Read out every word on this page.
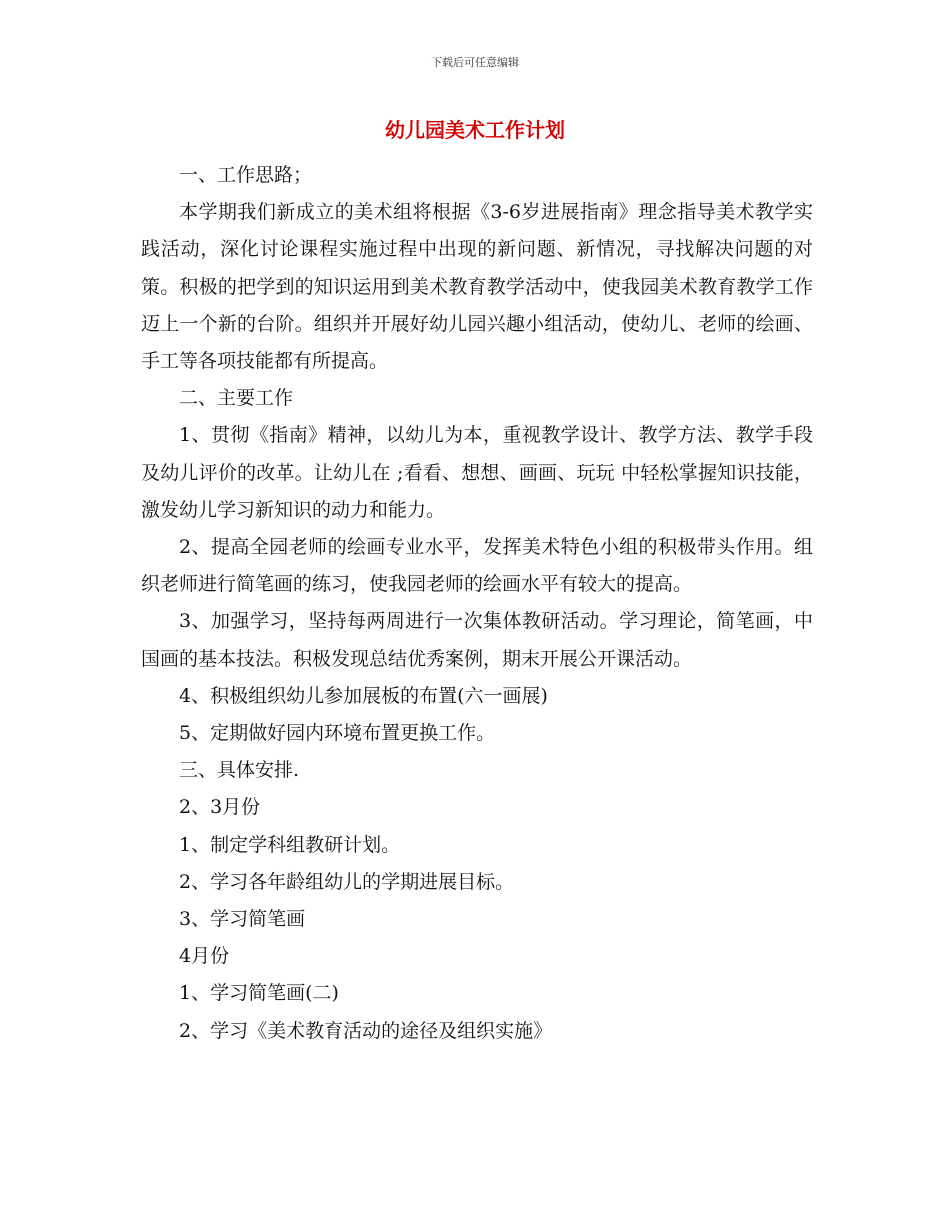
下载后可任意编辑
幼儿园美术工作计划

一、工作思路；

本学期我们新成立的美术组将根据《3-6岁进展指南》理念指导美术教学实践活动，深化讨论课程实施过程中出现的新问题、新情况，寻找解决问题的对策。积极的把学到的知识运用到美术教育教学活动中，使我园美术教育教学工作迈上一个新的台阶。组织并开展好幼儿园兴趣小组活动，使幼儿、老师的绘画、手工等各项技能都有所提高。

二、主要工作

1、贯彻《指南》精神，以幼儿为本，重视教学设计、教学方法、教学手段及幼儿评价的改革。让幼儿在 ;看看、想想、画画、玩玩 中轻松掌握知识技能，激发幼儿学习新知识的动力和能力。

2、提高全园老师的绘画专业水平，发挥美术特色小组的积极带头作用。组织老师进行简笔画的练习，使我园老师的绘画水平有较大的提高。

3、加强学习，坚持每两周进行一次集体教研活动。学习理论，简笔画，中国画的基本技法。积极发现总结优秀案例，期末开展公开课活动。

4、积极组织幼儿参加展板的布置(六一画展)

5、定期做好园内环境布置更换工作。

三、具体安排.

2、3月份

1、制定学科组教研计划。

2、学习各年龄组幼儿的学期进展目标。

3、学习简笔画

4月份

1、学习简笔画(二)

2、学习《美术教育活动的途径及组织实施》
